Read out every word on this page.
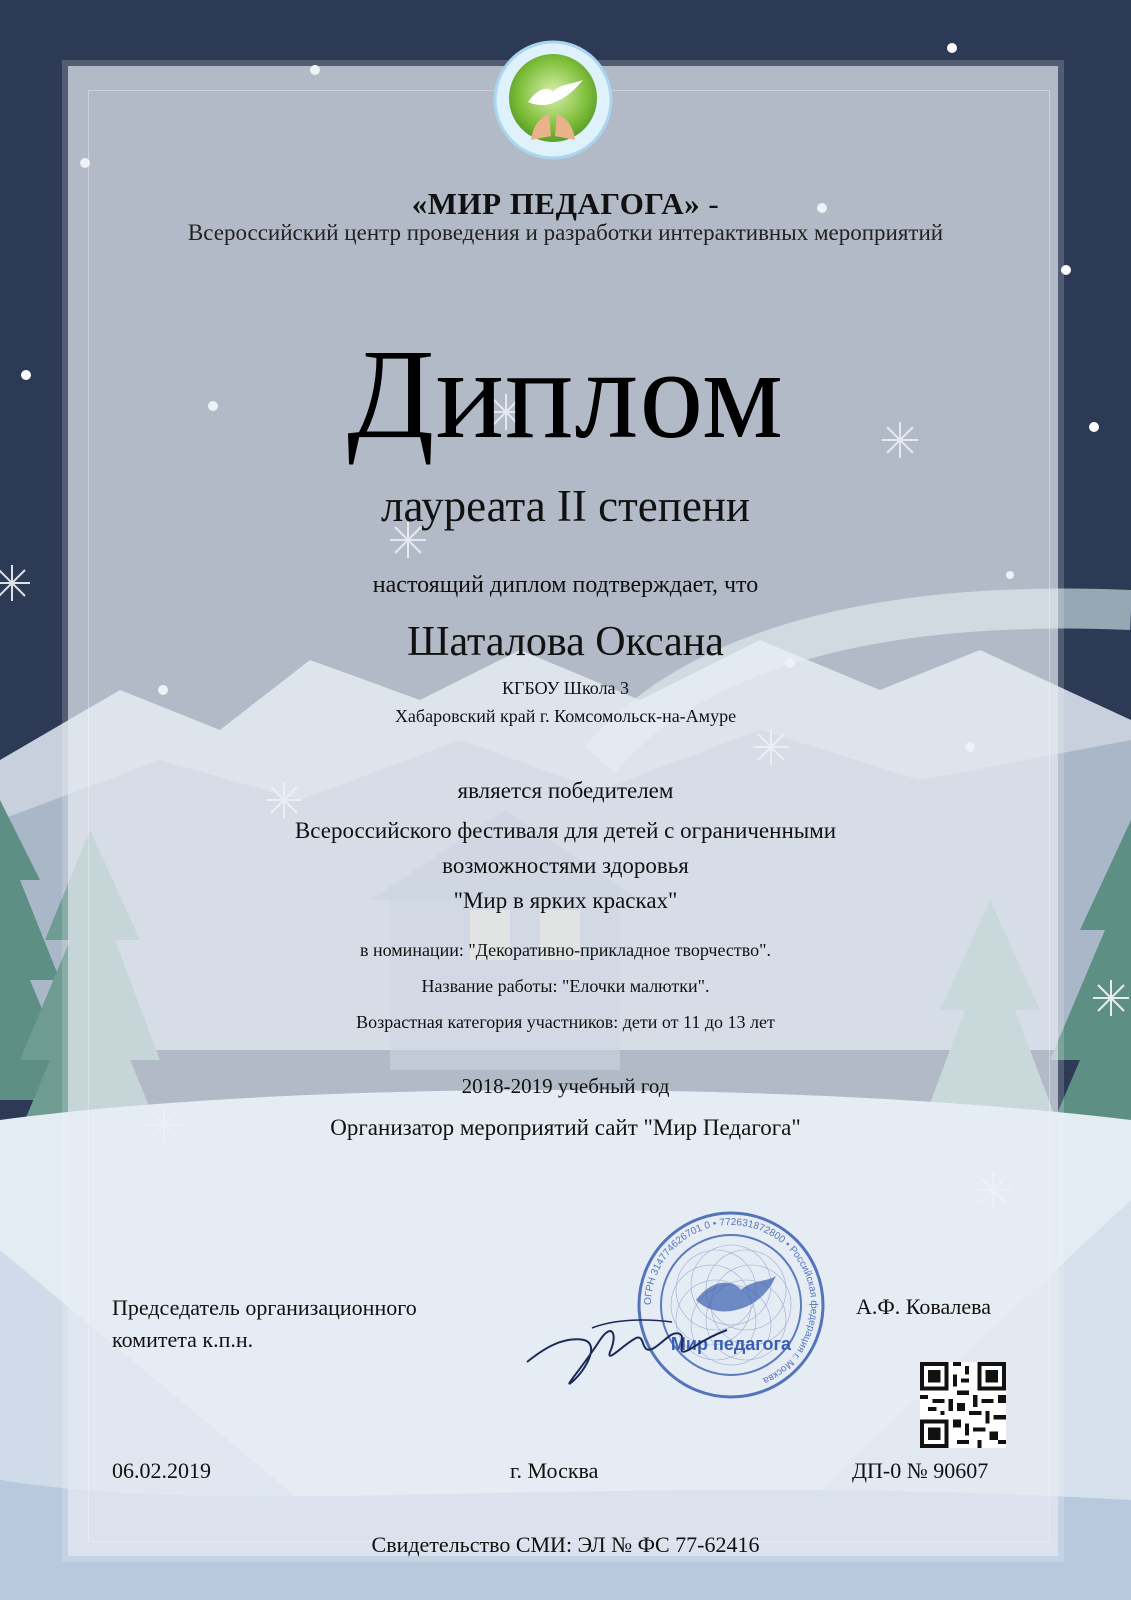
«МИР ПЕДАГОГА» -
Всероссийский центр проведения и разработки интерактивных мероприятий
Диплом
лауреата II степени
настоящий диплом подтверждает, что
Шаталова Оксана
КГБОУ Школа 3
Хабаровский край г. Комсомольск-на-Амуре
является победителем
Всероссийского фестиваля для детей с ограниченными
возможностями здоровья
"Мир в ярких красках"
в номинации: "Декоративно-прикладное творчество".
Название работы: "Елочки малютки".
Возрастная категория участников: дети от 11 до 13 лет
2018-2019 учебный год
Организатор мероприятий сайт "Мир Педагога"
ОГРН 314774626701 0 • 772631872800 • Российская федерация г. Москва
Мир педагога
Председатель организационного
комитета к.п.н.
А.Ф. Ковалева
06.02.2019	г. Москва	ДП-0 № 90607
Свидетельство СМИ: ЭЛ № ФС 77-62416
